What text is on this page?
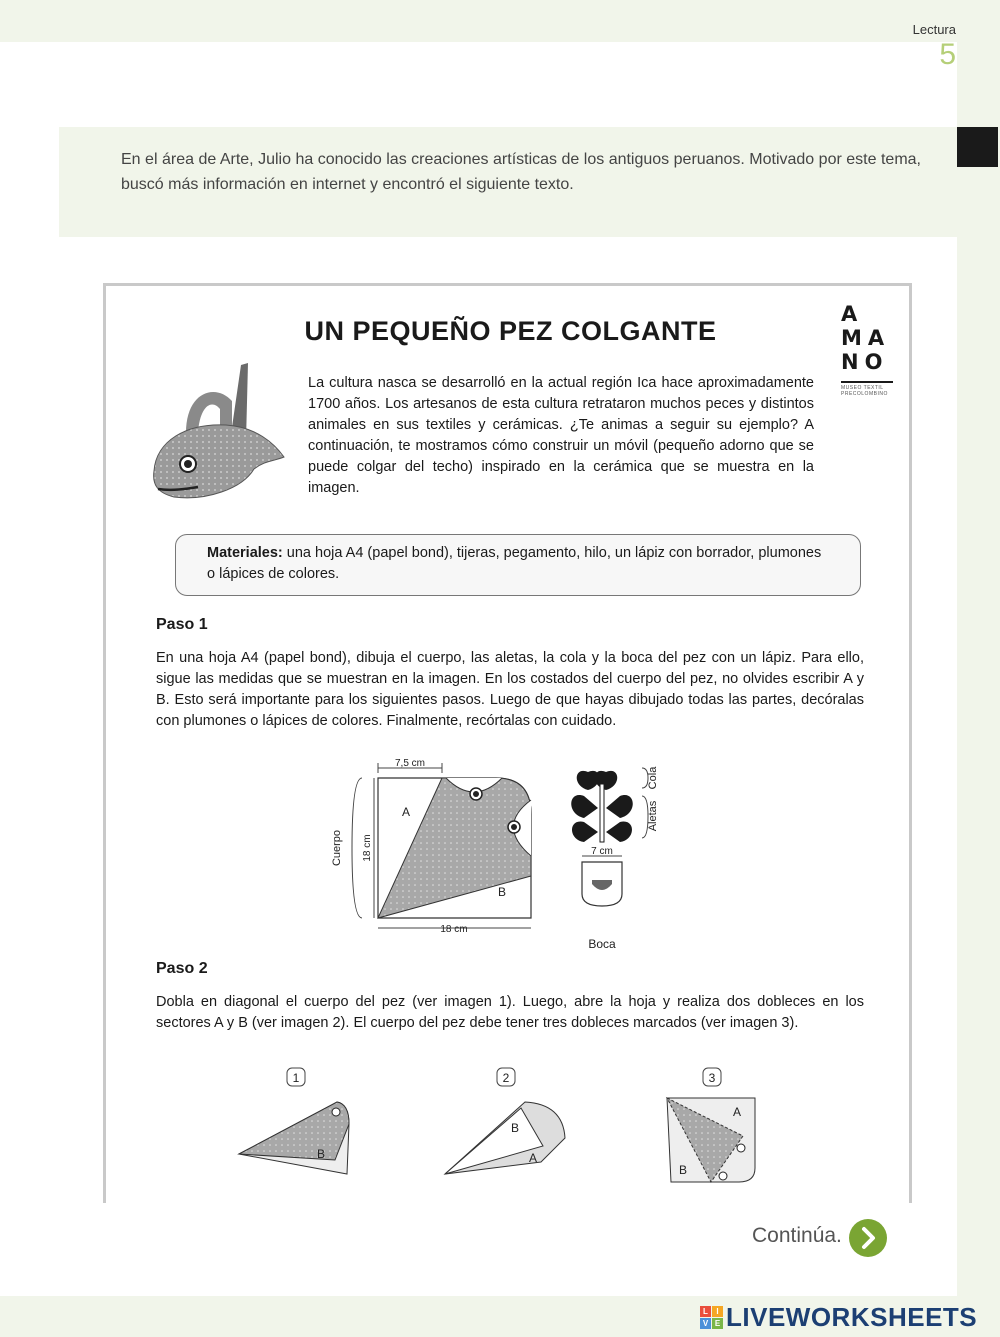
Lectura
5

En el área de Arte, Julio ha conocido las creaciones artísticas de los antiguos peruanos. Motivado por este tema, buscó más información en internet y encontró el siguiente texto.

UN PEQUEÑO PEZ COLGANTE
A
MA
NO
MUSEO TEXTIL PRECOLOMBINO

La cultura nasca se desarrolló en la actual región Ica hace aproximadamente 1700 años. Los artesanos de esta cultura retrataron muchos peces y distintos animales en sus textiles y cerámicas. ¿Te animas a seguir su ejemplo? A continuación, te mostramos cómo construir un móvil (pequeño adorno que se puede colgar del techo) inspirado en la cerámica que se muestra en la imagen.

Materiales: una hoja A4 (papel bond), tijeras, pegamento, hilo, un lápiz con borrador, plumones o lápices de colores.
Paso 1

En una hoja A4 (papel bond), dibuja el cuerpo, las aletas, la cola y la boca del pez con un lápiz. Para ello, sigue las medidas que se muestran en la imagen. En los costados del cuerpo del pez, no olvides escribir A y B. Esto será importante para los siguientes pasos. Luego de que hayas dibujado todas las partes, decóralas con plumones o lápices de colores. Finalmente, recórtalas con cuidado.

7,5 cm
A
B
18 cm
Cuerpo
18 cm
Cola
Aletas
7 cm
Boca
Paso 2

Dobla en diagonal el cuerpo del pez (ver imagen 1). Luego, abre la hoja y realiza dos dobleces en los sectores A y B (ver imagen 2). El cuerpo del pez debe tener tres dobleces marcados (ver imagen 3).

1
B
2
B
A
3
A
B
Continúa.
L	I
V E LIVEWORKSHEETS
